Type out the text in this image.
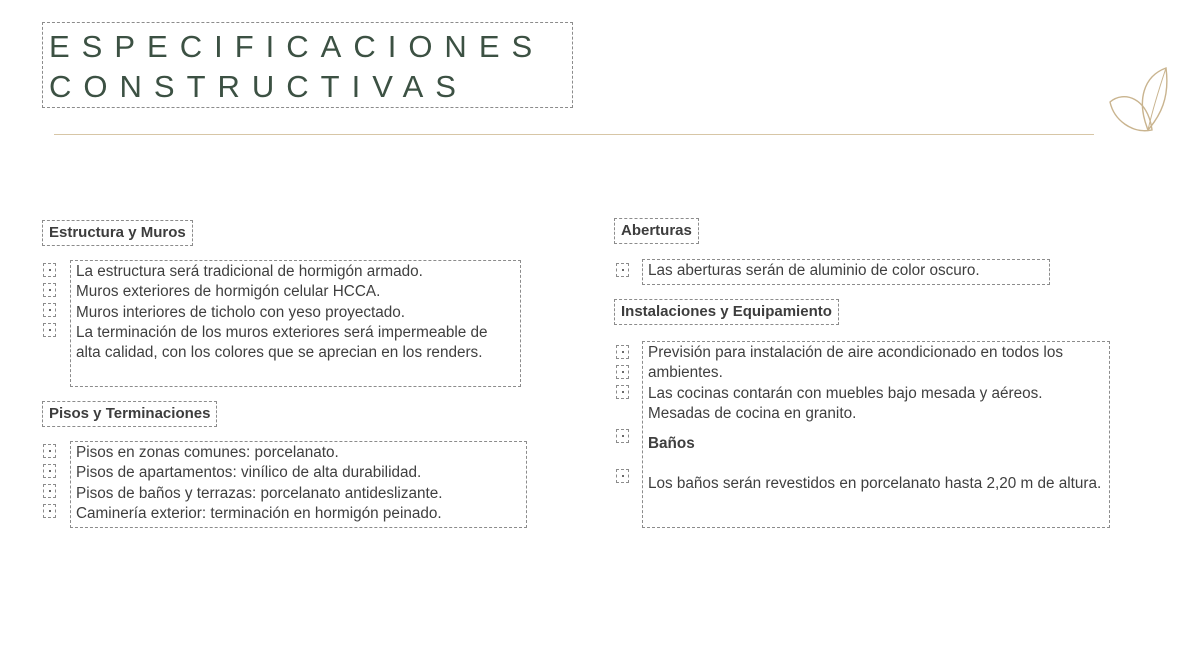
ESPECIFICACIONES
CONSTRUCTIVAS
Estructura y Muros
La estructura será tradicional de hormigón armado.
Muros exteriores de hormigón celular HCCA.
Muros interiores de ticholo con yeso proyectado.
La terminación de los muros exteriores será impermeable de alta calidad, con los colores que se aprecian en los renders.
Pisos y Terminaciones
Pisos en zonas comunes: porcelanato.
Pisos de apartamentos: vinílico de alta durabilidad.
Pisos de baños y terrazas: porcelanato antideslizante.
Caminería exterior: terminación en hormigón peinado.
Aberturas
Las aberturas serán de aluminio de color oscuro.
Instalaciones y Equipamiento
Previsión para instalación de aire acondicionado en todos los ambientes.
Las cocinas contarán con muebles bajo mesada y aéreos.
Mesadas de cocina en granito.
Baños
Los baños serán revestidos en porcelanato hasta 2,20 m de altura.
